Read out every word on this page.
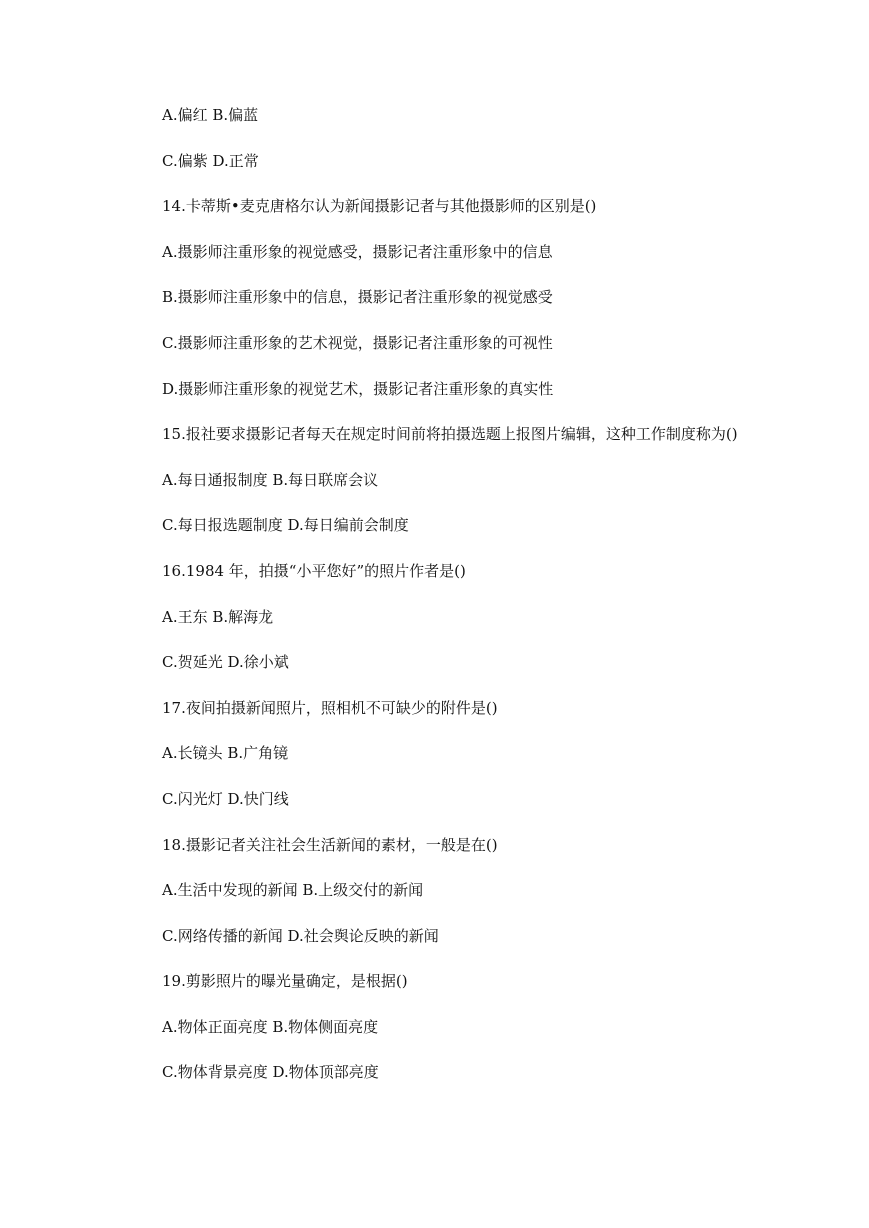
A.偏红 B.偏蓝
C.偏紫 D.正常
14.卡蒂斯•麦克唐格尔认为新闻摄影记者与其他摄影师的区别是()
A.摄影师注重形象的视觉感受，摄影记者注重形象中的信息
B.摄影师注重形象中的信息，摄影记者注重形象的视觉感受
C.摄影师注重形象的艺术视觉，摄影记者注重形象的可视性
D.摄影师注重形象的视觉艺术，摄影记者注重形象的真实性
15.报社要求摄影记者每天在规定时间前将拍摄选题上报图片编辑，这种工作制度称为()
A.每日通报制度 B.每日联席会议
C.每日报选题制度 D.每日编前会制度
16.1984 年，拍摄“小平您好”的照片作者是()
A.王东 B.解海龙
C.贺延光 D.徐小斌
17.夜间拍摄新闻照片，照相机不可缺少的附件是()
A.长镜头 B.广角镜
C.闪光灯 D.快门线
18.摄影记者关注社会生活新闻的素材，一般是在()
A.生活中发现的新闻 B.上级交付的新闻
C.网络传播的新闻 D.社会舆论反映的新闻
19.剪影照片的曝光量确定，是根据()
A.物体正面亮度 B.物体侧面亮度
C.物体背景亮度 D.物体顶部亮度
